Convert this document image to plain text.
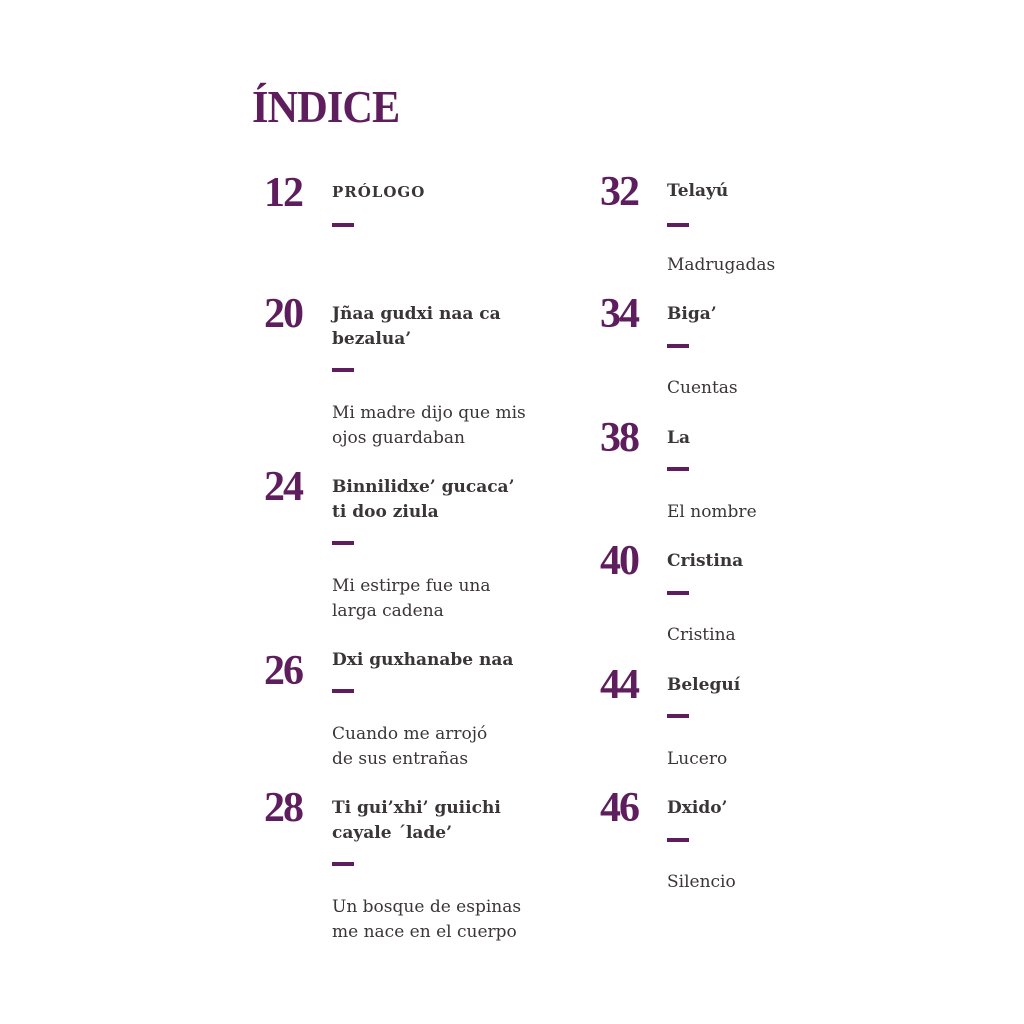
ÍNDICE
12 PRÓLOGO
20 Jñaa gudxi naa ca bezalua’
Mi madre dijo que mis ojos guardaban
24 Binnilidxe’ gucaca’ ti doo ziula
Mi estirpe fue una larga cadena
26 Dxi guxhanabe naa
Cuando me arrojó de sus entrañas
28 Ti gui’xhi’ guiichi cayale ´lade’
Un bosque de espinas me nace en el cuerpo
32 Telayú
Madrugadas
34 Biga’
Cuentas
38 La
El nombre
40 Cristina
Cristina
44 Beleguí
Lucero
46 Dxido’
Silencio
